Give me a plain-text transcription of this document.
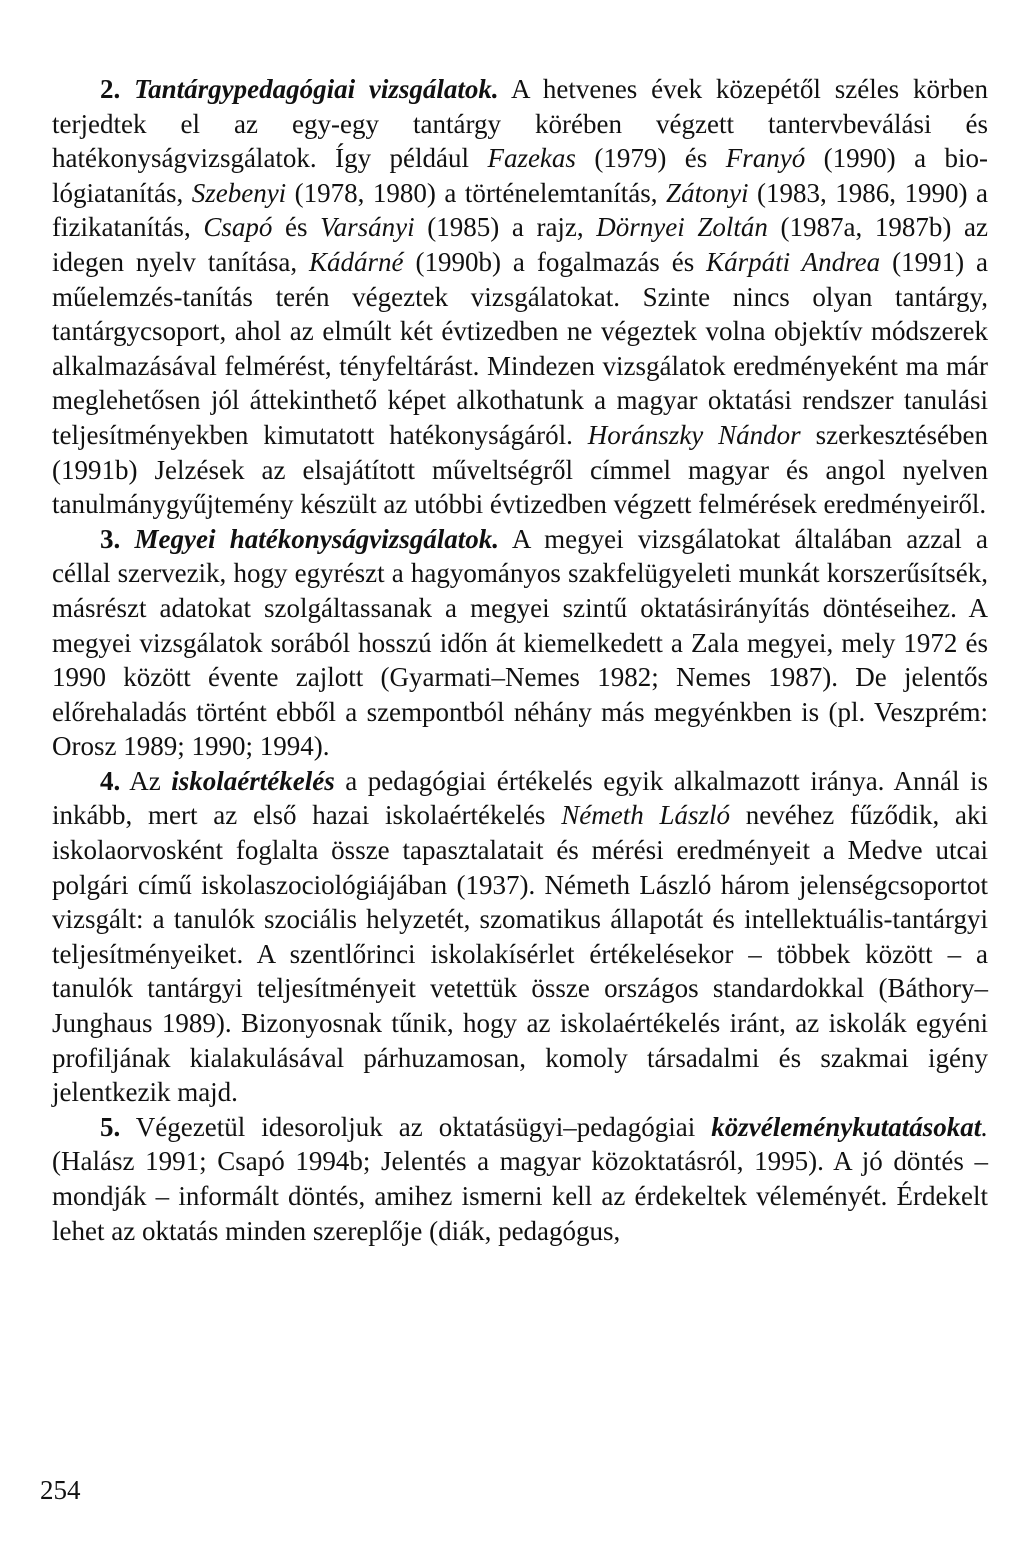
2. Tantárgypedagógiai vizsgálatok. A hetvenes évek közepétől széles körben terjedtek el az egy-egy tantárgy körében végzett tantervbeválási és hatékonyságvizsgálatok. Így például Fazekas (1979) és Franyó (1990) a biológiatanítás, Szebenyi (1978, 1980) a történelemtanítás, Zátonyi (1983, 1986, 1990) a fizikatanítás, Csapó és Varsányi (1985) a rajz, Dörnyei Zoltán (1987a, 1987b) az idegen nyelv tanítása, Kádárné (1990b) a fogalmazás és Kárpáti Andrea (1991) a műelemzés-tanítás terén végeztek vizsgálatokat. Szinte nincs olyan tantárgy, tantárgycsoport, ahol az elmúlt két évtizedben ne végeztek volna objektív módszerek alkalmazásával felmérést, tényfeltárást. Mindezen vizsgálatok eredményeként ma már meglehetősen jól áttekinthető képet alkothatunk a magyar oktatási rendszer tanulási teljesítményekben kimutatott hatékonyságáról. Horánszky Nándor szerkesztésében (1991b) Jelzések az elsajátított műveltségről címmel magyar és angol nyelven tanulmánygyűjtemény készült az utóbbi évtizedben végzett felmérések eredményeiről.

3. Megyei hatékonyságvizsgálatok. A megyei vizsgálatokat általában azzal a céllal szervezik, hogy egyrészt a hagyományos szakfelügyeleti munkát korszerűsítsék, másrészt adatokat szolgáltassanak a megyei szintű oktatásirányítás döntéseihez. A megyei vizsgálatok sorából hosszú időn át kiemelkedett a Zala megyei, mely 1972 és 1990 között évente zajlott (Gyarmati–Nemes 1982; Nemes 1987). De jelentős előrehaladás történt ebből a szempontból néhány más megyénkben is (pl. Veszprém: Orosz 1989; 1990; 1994).

4. Az iskolaértékelés a pedagógiai értékelés egyik alkalmazott iránya. Annál is inkább, mert az első hazai iskolaértékelés Németh László nevéhez fűződik, aki iskolaorvosként foglalta össze tapasztalatait és mérési eredményeit a Medve utcai polgári című iskolaszociológiájában (1937). Németh László három jelenségcsoportot vizsgált: a tanulók szociális helyzetét, szomatikus állapotát és intellektuális-tantárgyi teljesítményeiket. A szentlőrinci iskolakísérlet értékelésekor – többek között – a tanulók tantárgyi teljesítményeit vetettük össze országos standardokkal (Báthory–Junghaus 1989). Bizonyosnak tűnik, hogy az iskolaértékelés iránt, az iskolák egyéni profiljának kialakulásával párhuzamosan, komoly társadalmi és szakmai igény jelentkezik majd.

5. Végezetül idesoroljuk az oktatásügyi–pedagógiai közvéleménykutatásokat. (Halász 1991; Csapó 1994b; Jelentés a magyar közoktatásról, 1995). A jó döntés – mondják – informált döntés, amihez ismerni kell az érdekeltek véleményét. Érdekelt lehet az oktatás minden szereplője (diák, pedagógus,

254
